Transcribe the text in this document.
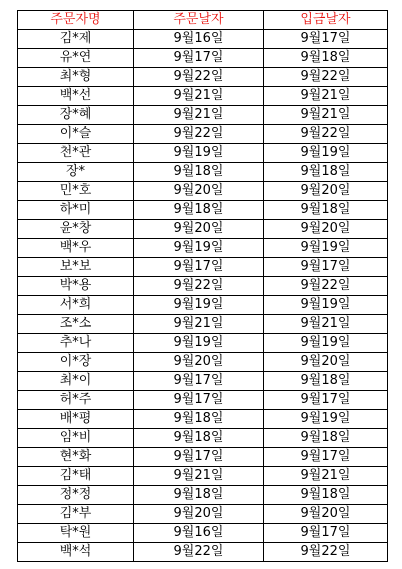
주문자명	주문날자	입금날자
김*제	9월16일	9월17일
유*연	9월17일	9월18일
최*형	9월22일	9월22일
백*선	9월21일	9월21일
장*혜	9월21일	9월21일
이*슬	9월22일	9월22일
천*관	9월19일	9월19일
장*	9월18일	9월18일
민*호	9월20일	9월20일
하*미	9월18일	9월18일
윤*창	9월20일	9월20일
백*우	9월19일	9월19일
보*보	9월17일	9월17일
박*용	9월22일	9월22일
서*희	9월19일	9월19일
조*소	9월21일	9월21일
추*나	9월19일	9월19일
이*장	9월20일	9월20일
최*이	9월17일	9월18일
허*주	9월17일	9월17일
배*평	9월18일	9월19일
임*비	9월18일	9월18일
현*화	9월17일	9월17일
김*태	9월21일	9월21일
정*정	9월18일	9월18일
김*부	9월20일	9월20일
탁*원	9월16일	9월17일
백*석	9월22일	9월22일
